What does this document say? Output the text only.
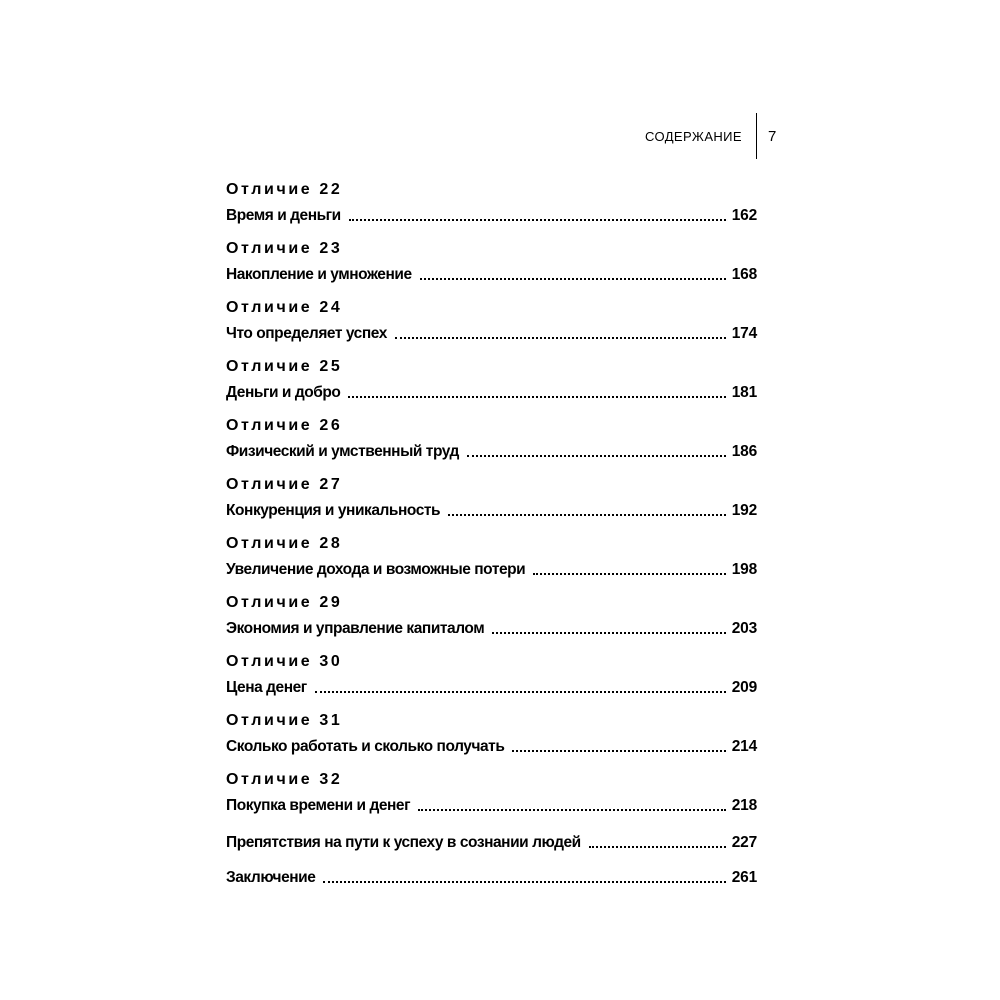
СОДЕРЖАНИЕ 7
Отличие 22
Время и деньги	162
Отличие 23
Накопление и умножение	168
Отличие 24
Что определяет успех	174
Отличие 25
Деньги и добро	181
Отличие 26
Физический и умственный труд	186
Отличие 27
Конкуренция и уникальность	192
Отличие 28
Увеличение дохода и возможные потери	198
Отличие 29
Экономия и управление капиталом	203
Отличие 30
Цена денег	209
Отличие 31
Сколько работать и сколько получать	214
Отличие 32
Покупка времени и денег	218
Препятствия на пути к успеху в сознании людей	227
Заключение	261
